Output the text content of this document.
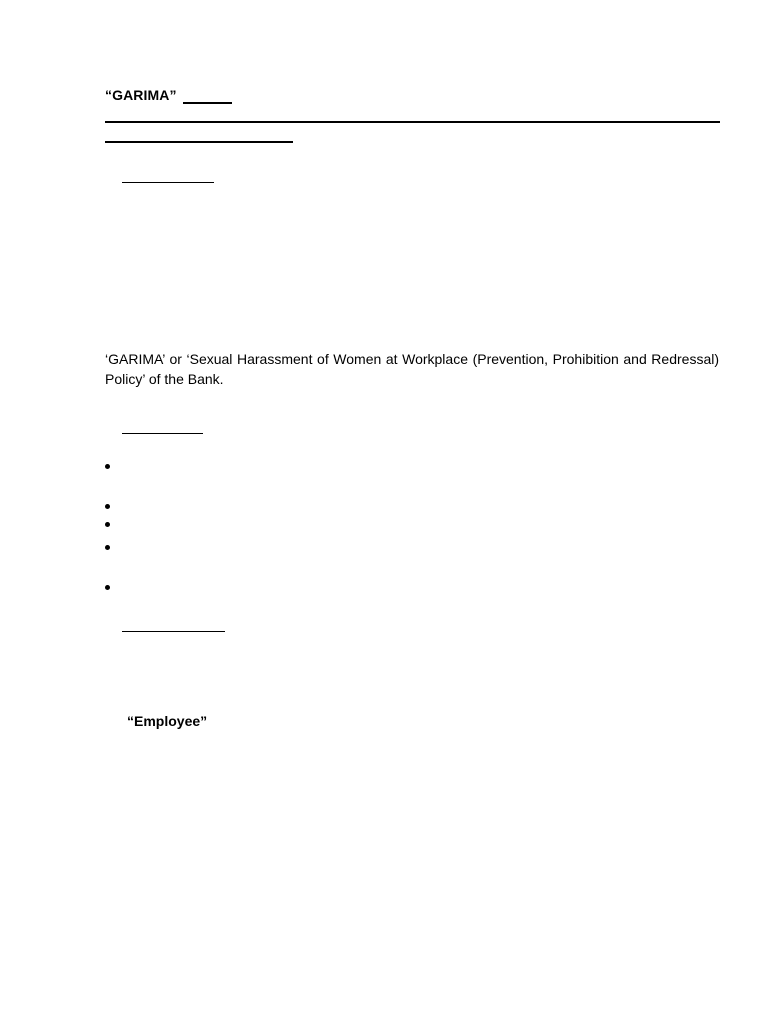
“GARIMA”
‘GARIMA’ or ‘Sexual Harassment of Women at Workplace (Prevention, Prohibition and Redressal) Policy’ of the Bank.
“Employee”
